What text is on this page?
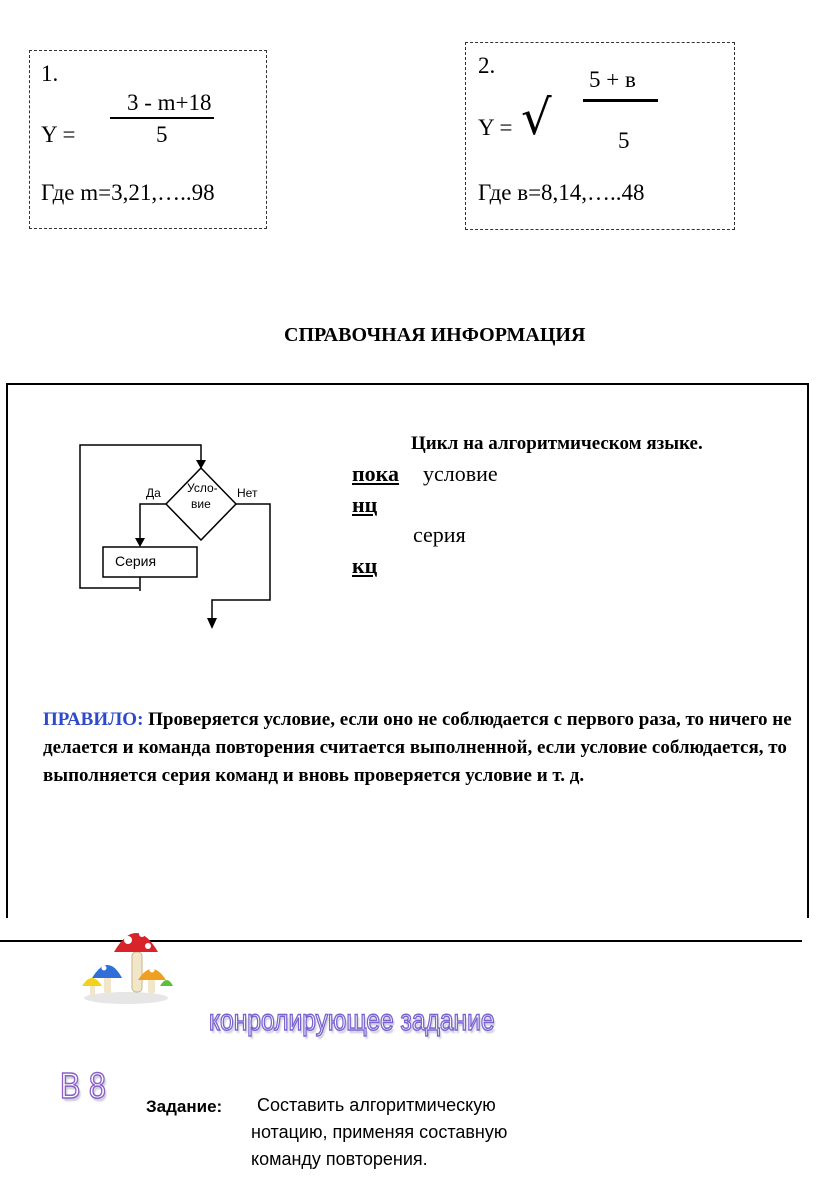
1.
Y =
3 - m+18
5
Где m=3,21,…..98
2.
Y = √
5 + в
5
Где в=8,14,…..48
СПРАВОЧНАЯ ИНФОРМАЦИЯ
Усло-
вие
Да	Нет
Серия
Цикл на алгоритмическом языке.
пока условие
нц
серия
кц
ПРАВИЛО: Проверяется условие, если оно не соблюдается с первого раза, то ничего не делается и команда повторения считается выполненной, если условие соблюдается, то выполняется серия команд и вновь проверяется условие и т. д.
конролирующее задание
В 8
Задание: Составить алгоритмическую
нотацию, применяя составную
команду повторения.
